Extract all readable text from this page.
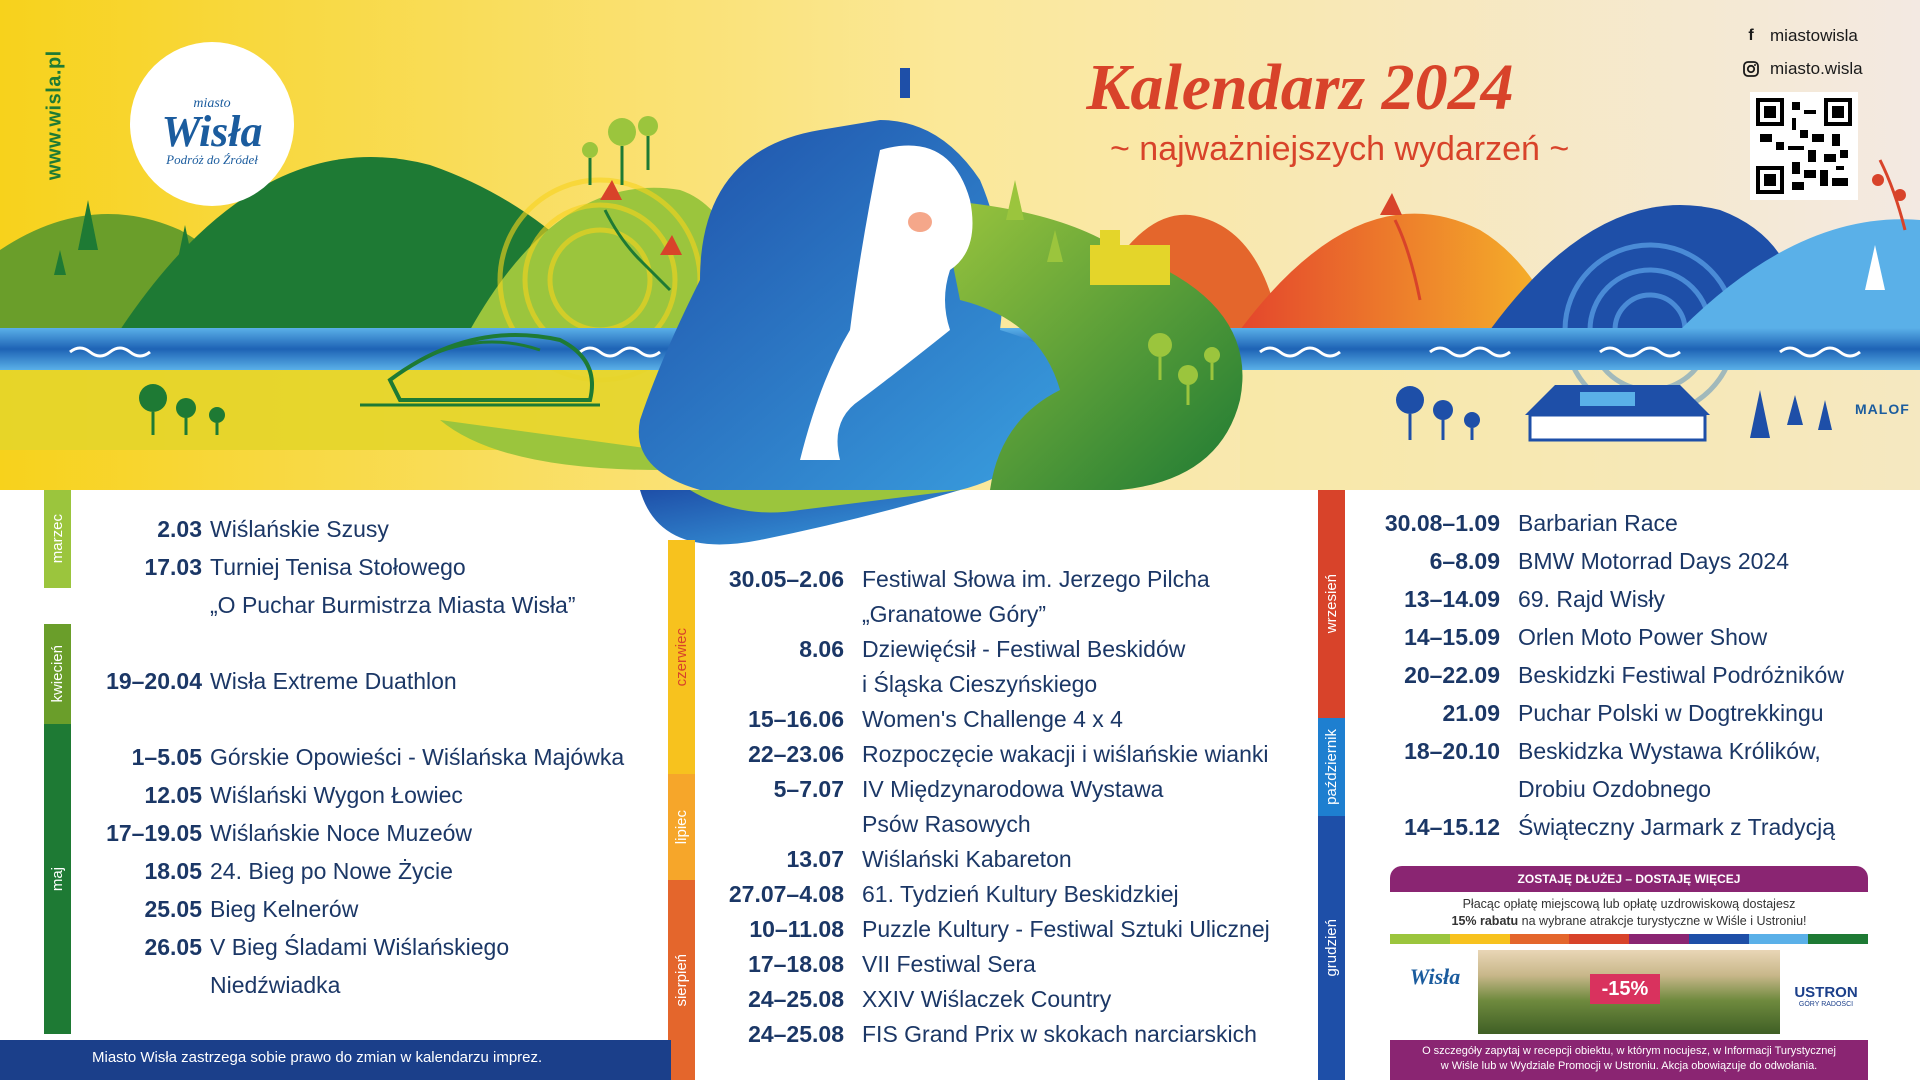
www.wisla.pl	miasto
Wisła
Podróż do Źródeł
Kalendarz 2024
~ najważniejszych wydarzeń ~
f miastowisla
miasto.wisla
MALOF
marzec
kwiecień
maj
czerwiec
lipiec
sierpień
wrzesień
październik
grudzień
2.03 Wiślańskie Szusy
17.03 Turniej Tenisa Stołowego
„O Puchar Burmistrza Miasta Wisła”
19–20.04 Wisła Extreme Duathlon
1–5.05 Górskie Opowieści - Wiślańska Majówka
12.05 Wiślański Wygon Łowiec
17–19.05 Wiślańskie Noce Muzeów
18.05 24. Bieg po Nowe Życie
25.05 Bieg Kelnerów
26.05 V Bieg Śladami Wiślańskiego
Niedźwiadka
30.05–2.06 Festiwal Słowa im. Jerzego Pilcha
„Granatowe Góry”
8.06 Dziewięćsił - Festiwal Beskidów
i Śląska Cieszyńskiego
15–16.06 Women's Challenge 4 x 4
22–23.06 Rozpoczęcie wakacji i wiślańskie wianki
5–7.07 IV Międzynarodowa Wystawa
Psów Rasowych
13.07 Wiślański Kabareton
27.07–4.08 61. Tydzień Kultury Beskidzkiej
10–11.08 Puzzle Kultury - Festiwal Sztuki Ulicznej
17–18.08 VII Festiwal Sera
24–25.08 XXIV Wiślaczek Country
24–25.08 FIS Grand Prix w skokach narciarskich
30.08–1.09 Barbarian Race
6–8.09 BMW Motorrad Days 2024
13–14.09 69. Rajd Wisły
14–15.09 Orlen Moto Power Show
20–22.09 Beskidzki Festiwal Podróżników
21.09 Puchar Polski w Dogtrekkingu
18–20.10 Beskidzka Wystawa Królików,
Drobiu Ozdobnego
14–15.12 Świąteczny Jarmark z Tradycją
Miasto Wisła zastrzega sobie prawo do zmian w kalendarzu imprez.
ZOSTAJĘ DŁUŻEJ – DOSTAJĘ WIĘCEJ
Płacąc opłatę miejscową lub opłatę uzdrowiskową dostajesz
15% rabatu na wybrane atrakcje turystyczne w Wiśle i Ustroniu!
Wisła	-15%	USTRON
GÓRY RADOŚCI
O szczegóły zapytaj w recepcji obiektu, w którym nocujesz, w Informacji Turystycznej
w Wiśle lub w Wydziale Promocji w Ustroniu. Akcja obowiązuje do odwołania.
